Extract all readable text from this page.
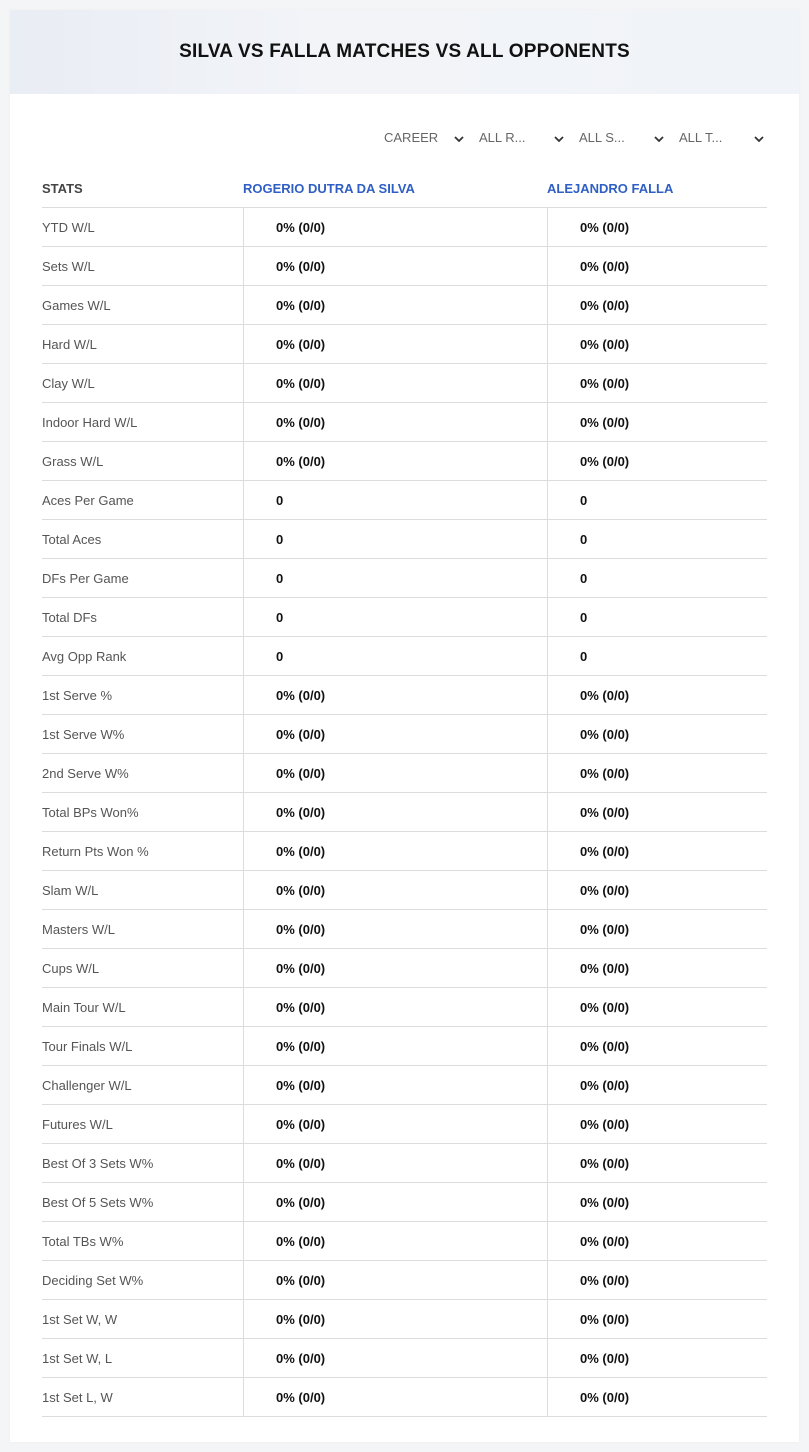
SILVA VS FALLA MATCHES VS ALL OPPONENTS
CAREER	ALL R...	ALL S...	ALL T...
STATS	ROGERIO DUTRA DA SILVA	ALEJANDRO FALLA
YTD W/L	0% (0/0)	0% (0/0)
Sets W/L	0% (0/0)	0% (0/0)
Games W/L	0% (0/0)	0% (0/0)
Hard W/L	0% (0/0)	0% (0/0)
Clay W/L	0% (0/0)	0% (0/0)
Indoor Hard W/L	0% (0/0)	0% (0/0)
Grass W/L	0% (0/0)	0% (0/0)
Aces Per Game	0	0
Total Aces	0	0
DFs Per Game	0	0
Total DFs	0	0
Avg Opp Rank	0	0
1st Serve %	0% (0/0)	0% (0/0)
1st Serve W%	0% (0/0)	0% (0/0)
2nd Serve W%	0% (0/0)	0% (0/0)
Total BPs Won%	0% (0/0)	0% (0/0)
Return Pts Won %	0% (0/0)	0% (0/0)
Slam W/L	0% (0/0)	0% (0/0)
Masters W/L	0% (0/0)	0% (0/0)
Cups W/L	0% (0/0)	0% (0/0)
Main Tour W/L	0% (0/0)	0% (0/0)
Tour Finals W/L	0% (0/0)	0% (0/0)
Challenger W/L	0% (0/0)	0% (0/0)
Futures W/L	0% (0/0)	0% (0/0)
Best Of 3 Sets W%	0% (0/0)	0% (0/0)
Best Of 5 Sets W%	0% (0/0)	0% (0/0)
Total TBs W%	0% (0/0)	0% (0/0)
Deciding Set W%	0% (0/0)	0% (0/0)
1st Set W, W	0% (0/0)	0% (0/0)
1st Set W, L	0% (0/0)	0% (0/0)
1st Set L, W	0% (0/0)	0% (0/0)
